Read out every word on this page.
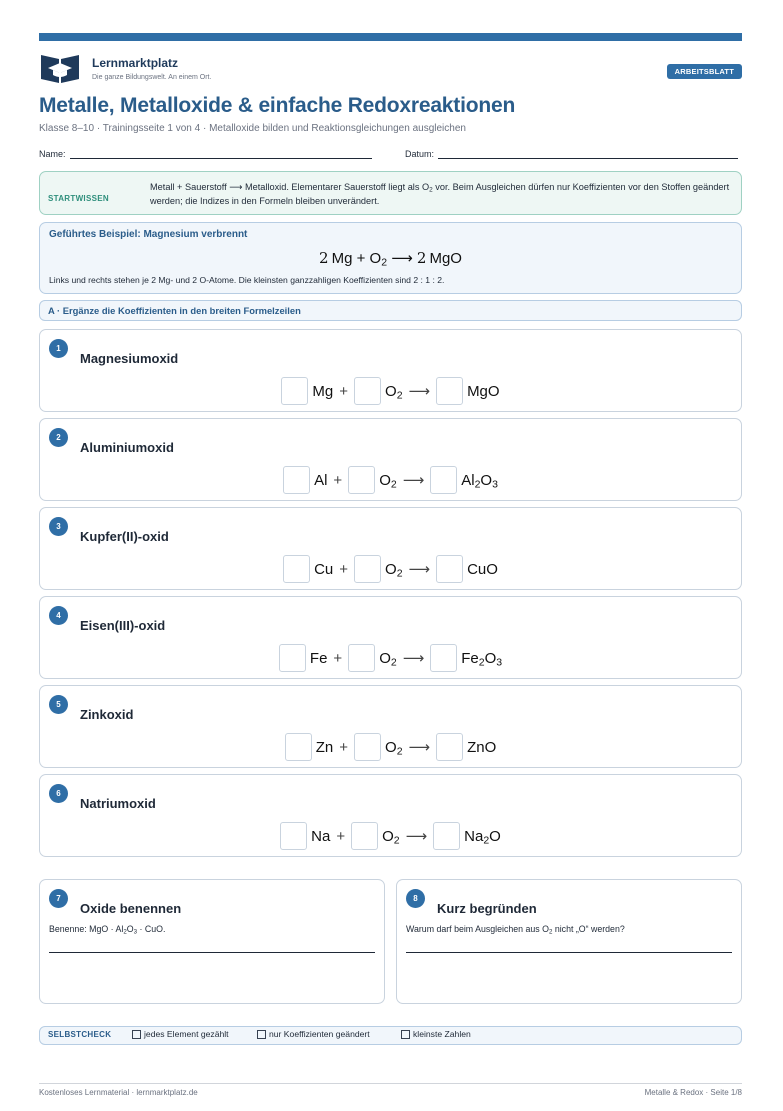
Lernmarktplatz
Die ganze Bildungswelt. An einem Ort.
ARBEITSBLATT
Metalle, Metalloxide & einfache Redoxreaktionen
Klasse 8–10 · Trainingsseite 1 von 4 · Metalloxide bilden und Reaktionsgleichungen ausgleichen
Name:	Datum:
STARTWISSEN
Metall + Sauerstoff ⟶ Metalloxid. Elementarer Sauerstoff liegt als $O_2$ vor. Beim Ausgleichen dürfen nur Koeffizienten vor den Stoffen geändert werden; die Indizes in den Formeln bleiben unverändert.
Geführtes Beispiel: Magnesium verbrennt
2  $Mg + O_2$ ⟶ 2  MgO
Links und rechts stehen je 2 Mg- und 2 O-Atome. Die kleinsten ganzzahligen Koeffizienten sind 2 : 1 : 2.
A · Ergänze die Koeffizienten in den breiten Formelzeilen
1
Magnesiumoxid
$Mg + O_2$ ⟶ MgO
2
Aluminiumoxid
$Al + O_2$ ⟶ $Al_2O_3$
3
Kupfer(II)-oxid
$Cu + O_2$ ⟶ CuO
4
Eisen(III)-oxid
$Fe + O_2$ ⟶ $Fe_2O_3$
5
Zinkoxid
$Zn + O_2$ ⟶ ZnO
6
Natriumoxid
$Na + O_2$ ⟶ $Na_2O$
7
Oxide benennen
Benenne: MgO · $Al_2O_3$ · CuO.
8
Kurz begründen
Warum darf beim Ausgleichen aus $O_2$ nicht „O“ werden?
SELBSTCHECK	jedes Element gezählt	nur Koeffizienten geändert	kleinste Zahlen
Kostenloses Lernmaterial · lernmarktplatz.de	Metalle & Redox · Seite 1/8
